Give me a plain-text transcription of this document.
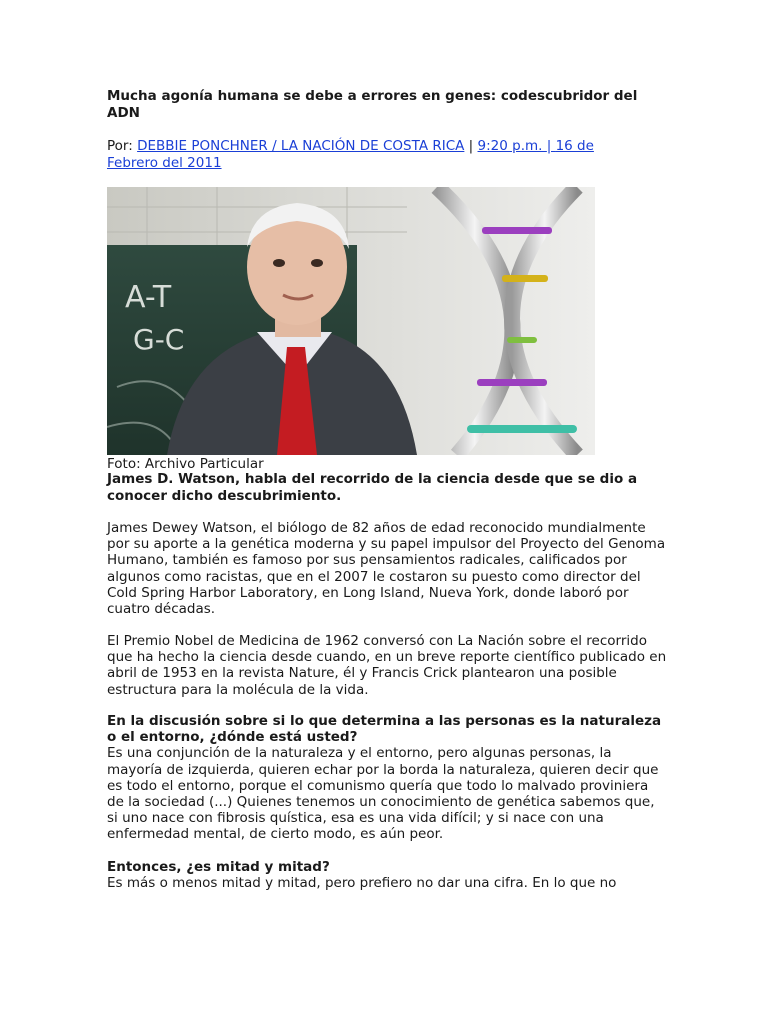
Mucha agonía humana se debe a errores en genes: codescubridor del ADN
Por: DEBBIE PONCHNER / LA NACIÓN DE COSTA RICA | 9:20 p.m. | 16 de Febrero del 2011
A-T
G-C
Foto: Archivo Particular
James D. Watson, habla del recorrido de la ciencia desde que se dio a conocer dicho descubrimiento.
James Dewey Watson, el biólogo de 82 años de edad reconocido mundialmente por su aporte a la genética moderna y su papel impulsor del Proyecto del Genoma Humano, también es famoso por sus pensamientos radicales, calificados por algunos como racistas, que en el 2007 le costaron su puesto como director del Cold Spring Harbor Laboratory, en Long Island, Nueva York, donde laboró por cuatro décadas.
El Premio Nobel de Medicina de 1962 conversó con La Nación sobre el recorrido que ha hecho la ciencia desde cuando, en un breve reporte científico publicado en abril de 1953 en la revista Nature, él y Francis Crick plantearon una posible estructura para la molécula de la vida.
En la discusión sobre si lo que determina a las personas es la naturaleza o el entorno, ¿dónde está usted?
Es una conjunción de la naturaleza y el entorno, pero algunas personas, la mayoría de izquierda, quieren echar por la borda la naturaleza, quieren decir que es todo el entorno, porque el comunismo quería que todo lo malvado proviniera de la sociedad (...) Quienes tenemos un conocimiento de genética sabemos que, si uno nace con fibrosis quística, esa es una vida difícil; y si nace con una enfermedad mental, de cierto modo, es aún peor.
Entonces, ¿es mitad y mitad?
Es más o menos mitad y mitad, pero prefiero no dar una cifra. En lo que no
